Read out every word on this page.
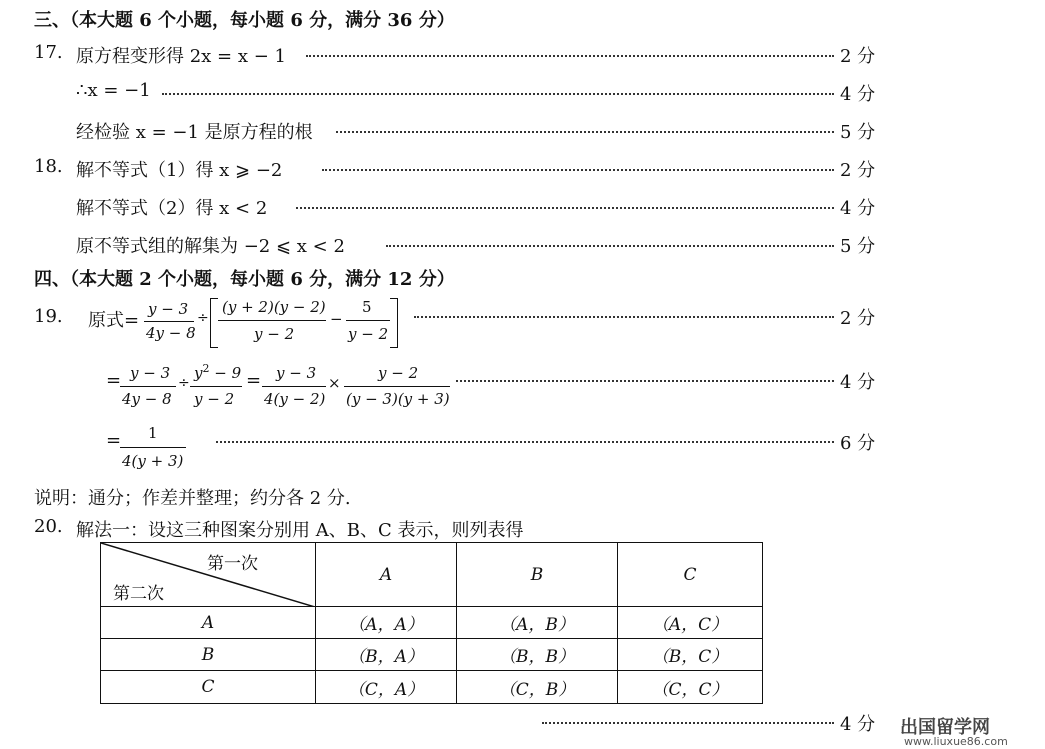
三、（本大题 6 个小题，每小题 6 分，满分 36 分）
17. 原方程变形得 2x = x − 1	2 分
∴x = −1	4 分
经检验 x = −1 是原方程的根	5 分
18. 解不等式（1）得 x ⩾ −2	2 分
解不等式（2）得 x < 2	4 分
原不等式组的解集为 −2 ⩽ x < 2	5 分
四、（本大题 2 个小题，每小题 6 分，满分 12 分）
19. 原式=
y − 3
4y − 8
÷
(y + 2)(y − 2)
y − 2
−
5
y − 2
2 分
= y − 3
4y − 8
÷
$y^2 - 9$
y − 2
= y − 3
4(y − 2)
×
y − 2
(y − 3)(y + 3)
4 分
= 1
4(y + 3)
6 分
说明：通分；作差并整理；约分各 2 分.
20. 解法一：设这三种图案分别用 A、B、C 表示，则列表得
第一次
第二次	A	B	C
A	（A，A）	（A，B）	（A，C）
B	（B，A）	（B，B）	（B，C）
C	（C，A）	（C，B）	（C，C）
4 分 出国留学网
www.liuxue86.com
